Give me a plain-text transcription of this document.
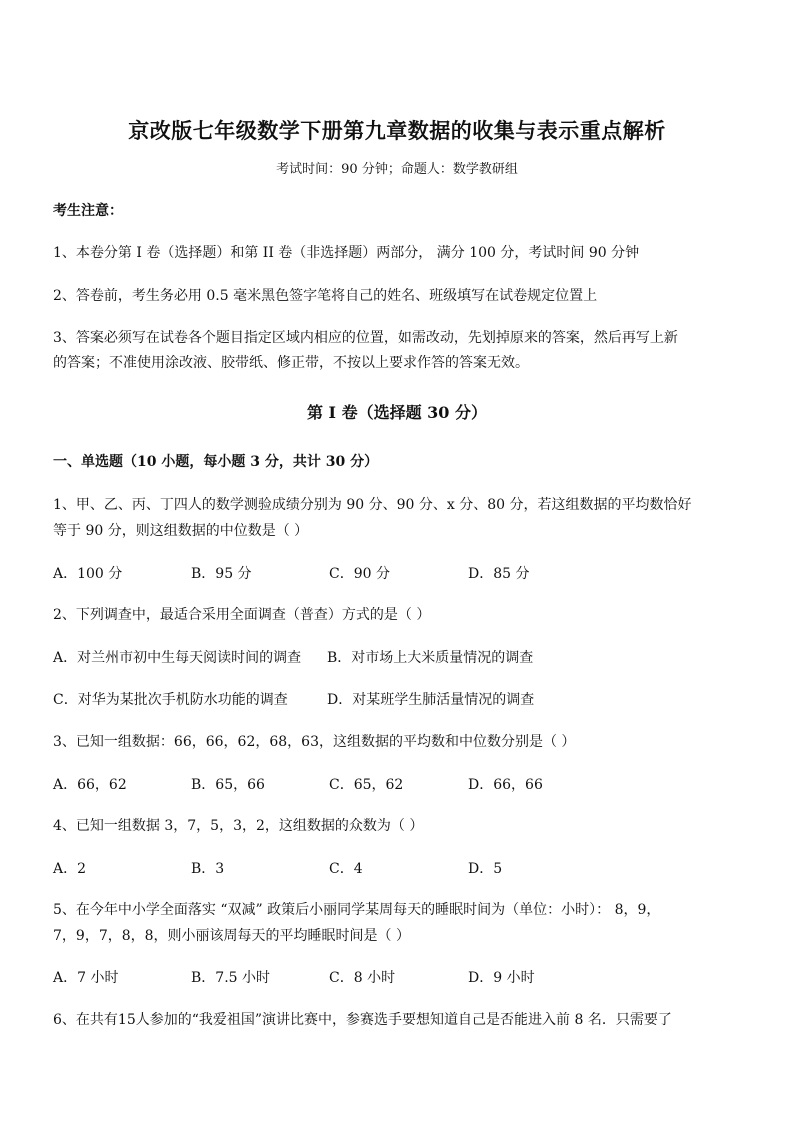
京改版七年级数学下册第九章数据的收集与表示重点解析
考试时间：90 分钟；命题人：数学教研组
考生注意：
1、本卷分第 I 卷（选择题）和第 II 卷（非选择题）两部分， 满分 100 分，考试时间 90 分钟
2、答卷前，考生务必用 0.5 毫米黑色签字笔将自己的姓名、班级填写在试卷规定位置上
3、答案必须写在试卷各个题目指定区域内相应的位置，如需改动，先划掉原来的答案，然后再写上新
的答案；不准使用涂改液、胶带纸、修正带，不按以上要求作答的答案无效。
第 I 卷（选择题 30 分）
一、单选题（10 小题，每小题 3 分，共计 30 分）
1、甲、乙、丙、丁四人的数学测验成绩分别为 90 分、90 分、x 分、80 分，若这组数据的平均数恰好
等于 90 分，则这组数据的中位数是（ ）
A．100 分	B．95 分	C．90 分	D．85 分
2、下列调查中，最适合采用全面调查（普查）方式的是（ ）
A．对兰州市初中生每天阅读时间的调查 B．对市场上大米质量情况的调查
C．对华为某批次手机防水功能的调查	D．对某班学生肺活量情况的调查
3、已知一组数据：66，66，62，68，63，这组数据的平均数和中位数分别是（ ）
A．66，62	B．65，66	C．65，62	D．66，66
4、已知一组数据 3，7，5，3，2，这组数据的众数为（ ）
A．2	B．3	C．4	D．5
5、在今年中小学全面落实 “双减” 政策后小丽同学某周每天的睡眠时间为（单位：小时）： 8，9，
7，9，7，8，8，则小丽该周每天的平均睡眠时间是（ ）
A．7 小时	B．7.5 小时	C．8 小时	D．9 小时
6、在共有15人参加的“我爱祖国”演讲比赛中，参赛选手要想知道自己是否能进入前 8 名．只需要了
